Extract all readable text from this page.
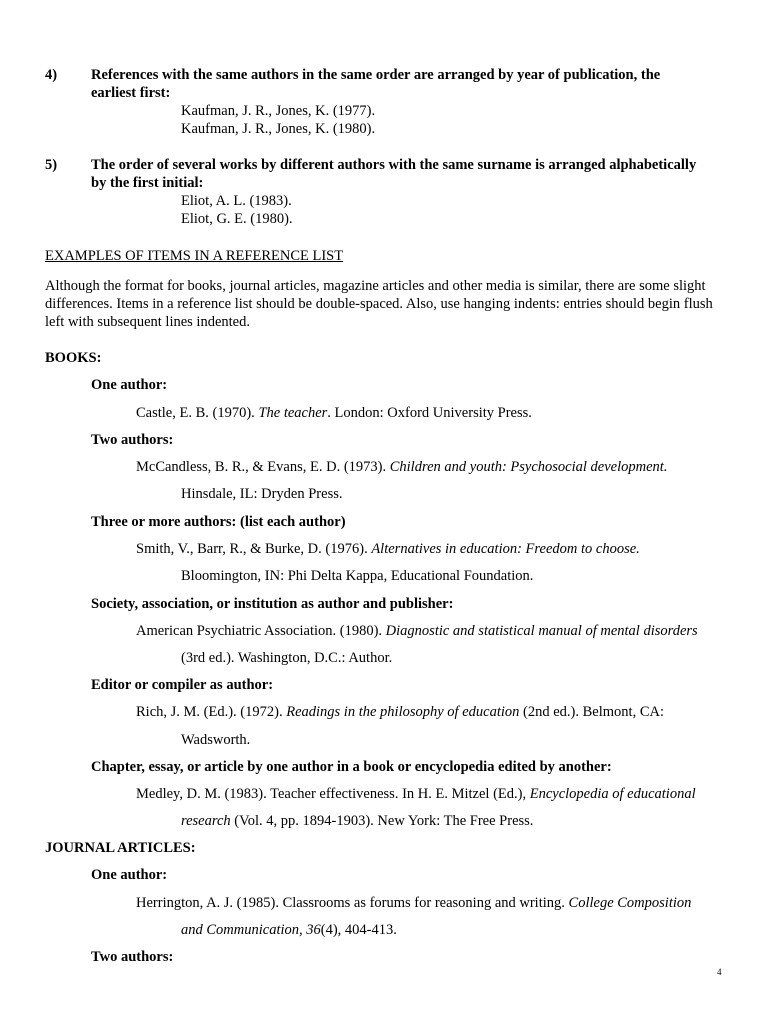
4) References with the same authors in the same order are arranged by year of publication, the
earliest first:
Kaufman, J. R., Jones, K. (1977).
Kaufman, J. R., Jones, K. (1980).
5) The order of several works by different authors with the same surname is arranged alphabetically
by the first initial:
Eliot, A. L. (1983).
Eliot, G. E. (1980).
EXAMPLES OF ITEMS IN A REFERENCE LIST
Although the format for books, journal articles, magazine articles and other media is similar, there are some slight differences. Items in a reference list should be double-spaced. Also, use hanging indents: entries should begin flush left with subsequent lines indented.
BOOKS:
One author:
Castle, E. B. (1970). The teacher. London: Oxford University Press.
Two authors:
McCandless, B. R., & Evans, E. D. (1973). Children and youth: Psychosocial development.
Hinsdale, IL: Dryden Press.
Three or more authors: (list each author)
Smith, V., Barr, R., & Burke, D. (1976). Alternatives in education: Freedom to choose.
Bloomington, IN: Phi Delta Kappa, Educational Foundation.
Society, association, or institution as author and publisher:
American Psychiatric Association. (1980). Diagnostic and statistical manual of mental disorders
(3rd ed.). Washington, D.C.: Author.
Editor or compiler as author:
Rich, J. M. (Ed.). (1972). Readings in the philosophy of education (2nd ed.). Belmont, CA:
Wadsworth.
Chapter, essay, or article by one author in a book or encyclopedia edited by another:
Medley, D. M. (1983). Teacher effectiveness. In H. E. Mitzel (Ed.), Encyclopedia of educational
research (Vol. 4, pp. 1894-1903). New York: The Free Press.
JOURNAL ARTICLES:
One author:
Herrington, A. J. (1985). Classrooms as forums for reasoning and writing. College Composition
and Communication, 36(4), 404-413.
Two authors:
4
